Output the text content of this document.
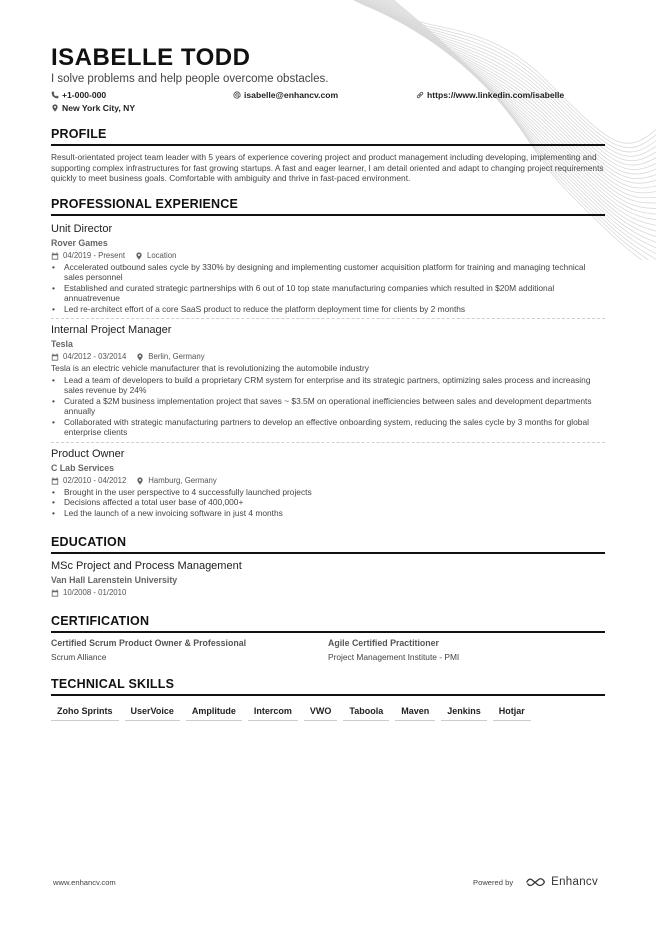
ISABELLE TODD
I solve problems and help people overcome obstacles.
+1-000-000	isabelle@enhancv.com	https://www.linkedin.com/isabelle
New York City, NY
PROFILE
Result-orientated project team leader with 5 years of experience covering project and product management including developing, implementing and supporting complex infrastructures for fast growing startups. A fast and eager learner, I am detail oriented and adapt to changing project requirements quickly to meet business goals. Comfortable with ambiguity and thrive in fast-paced environment.
PROFESSIONAL EXPERIENCE
Unit Director
Rover Games
04/2019 - Present	Location
• Accelerated outbound sales cycle by 330% by designing and implementing customer acquisition platform for training and managing technical sales personnel
• Established and curated strategic partnerships with 6 out of 10 top state manufacturing companies which resulted in $20M additional annuatrevenue
• Led re-architect effort of a core SaaS product to reduce the platform deployment time for clients by 2 months
Internal Project Manager
Tesla
04/2012 - 03/2014	Berlin, Germany
Tesla is an electric vehicle manufacturer that is revolutionizing the automobile industry
• Lead a team of developers to build a proprietary CRM system for enterprise and its strategic partners, optimizing sales process and increasing sales revenue by 24%
• Curated a $2M business implementation project that saves ~ $3.5M on operational inefficiencies between sales and development departments annually
• Collaborated with strategic manufacturing partners to develop an effective onboarding system, reducing the sales cycle by 3 months for global enterprise clients
Product Owner
C Lab Services
02/2010 - 04/2012	Hamburg, Germany
• Brought in the user perspective to 4 successfully launched projects
• Decisions affected a total user base of 400,000+
• Led the launch of a new invoicing software in just 4 months
EDUCATION
MSc Project and Process Management
Van Hall Larenstein University
10/2008 - 01/2010
CERTIFICATION
Certified Scrum Product Owner & Professional
Scrum Alliance
Agile Certified Practitioner
Project Management Institute - PMI
TECHNICAL SKILLS
Zoho Sprints	UserVoice	Amplitude	Intercom	VWO	Taboola	Maven	Jenkins	Hotjar
www.enhancv.com	Powered by	Enhancv
